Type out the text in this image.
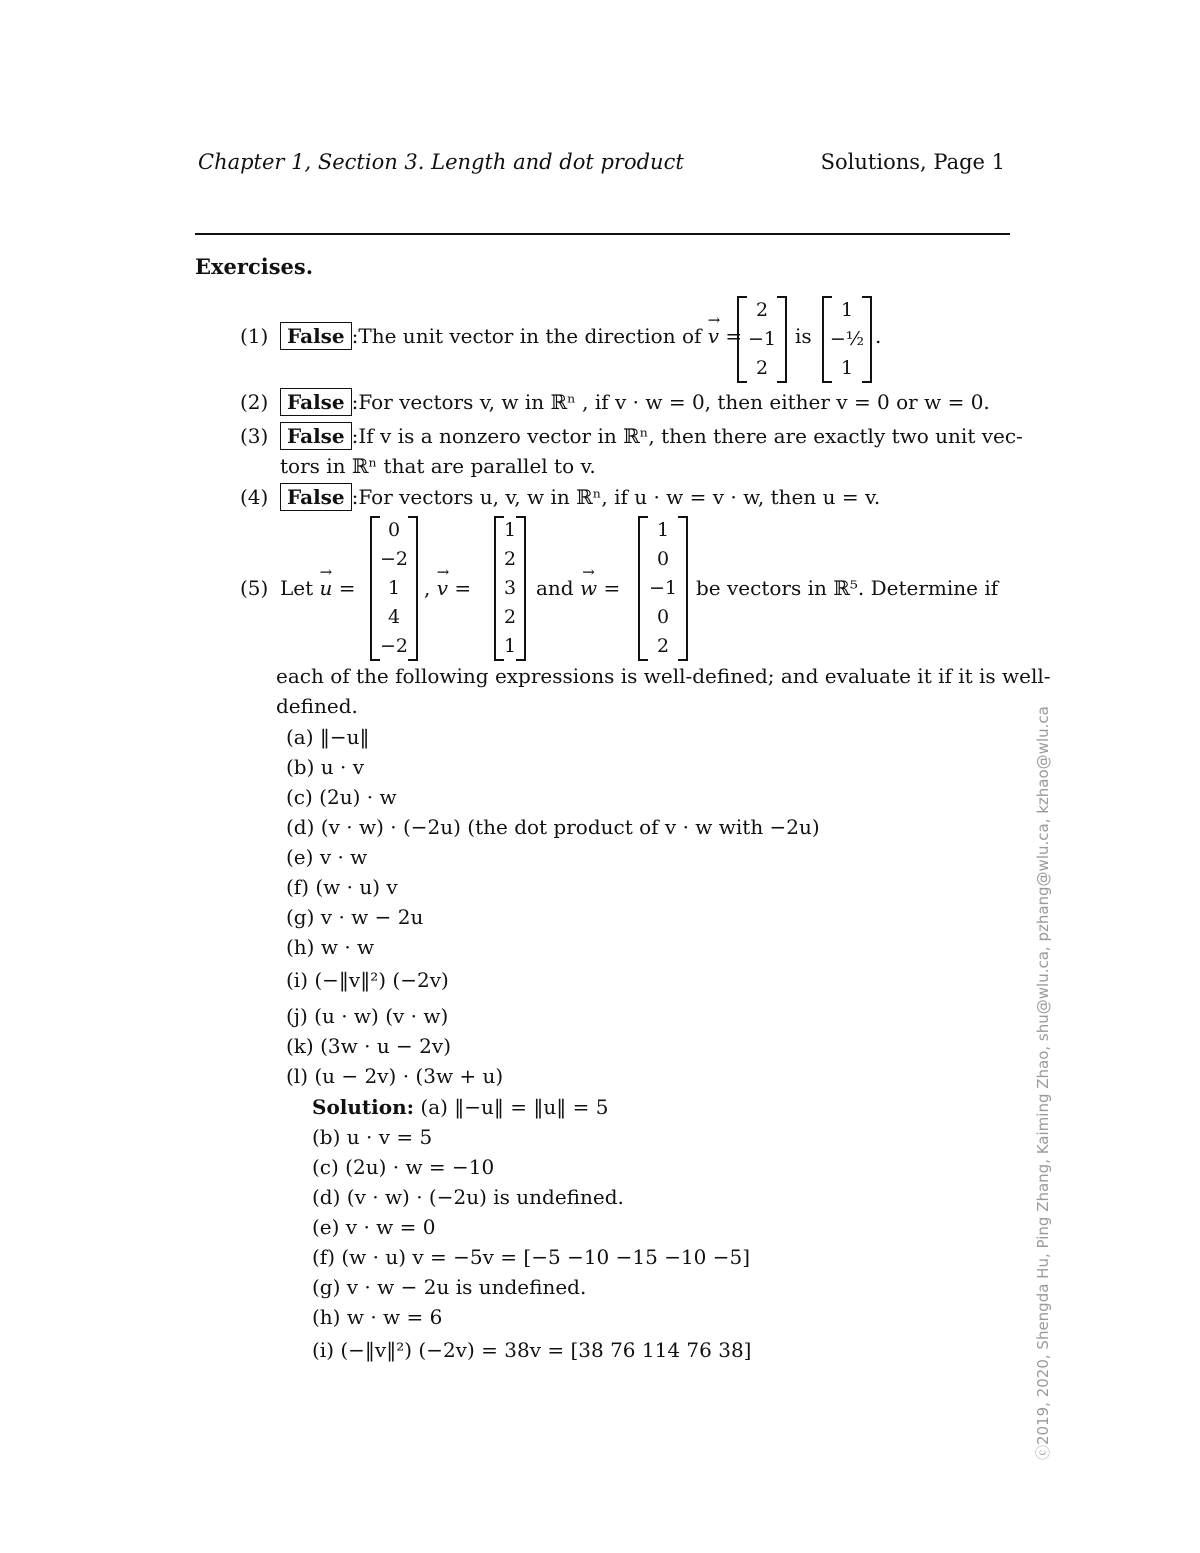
Chapter 1, Section 3. Length and dot product	Solutions, Page 1
Exercises.
(1) False :The unit vector in the direction of v → =
2
−1
2
is
1
−½
1
.
(2) False :For vectors v, w in ℝⁿ , if v · w = 0, then either v = 0 or w = 0.
(3) False :If v is a nonzero vector in ℝⁿ, then there are exactly two unit vec-
tors in ℝⁿ that are parallel to v.
(4) False :For vectors u, v, w in ℝⁿ, if u · w = v · w, then u = v.
(5) Let u → =
0
−2
1
4
−2
, v → =
1
2
3
2
1
and w → =
1
0
−1
0
2
be vectors in ℝ⁵. Determine if
each of the following expressions is well-defined; and evaluate it if it is well-
defined.
(a) ‖−u‖
(b) u · v
(c) (2u) · w
(d) (v · w) · (−2u) (the dot product of v · w with −2u)
(e) v · w
(f) (w · u) v
(g) v · w − 2u
(h) w · w
(i) (−‖v‖²) (−2v)
(j) (u · w) (v · w)
(k) (3w · u − 2v)
(l) (u − 2v) · (3w + u)
Solution: (a) ‖−u‖ = ‖u‖ = 5
(b) u · v = 5
(c) (2u) · w = −10
(d) (v · w) · (−2u) is undefined.
(e) v · w = 0
(f) (w · u) v = −5v = [−5 −10 −15 −10 −5]
(g) v · w − 2u is undefined.
(h) w · w = 6
(i) (−‖v‖²) (−2v) = 38v = [38 76 114 76 38]	ⓒ2019, 2020, Shengda Hu, Ping Zhang, Kaiming Zhao, shu@wlu.ca, pzhang@wlu.ca, kzhao@wlu.ca
